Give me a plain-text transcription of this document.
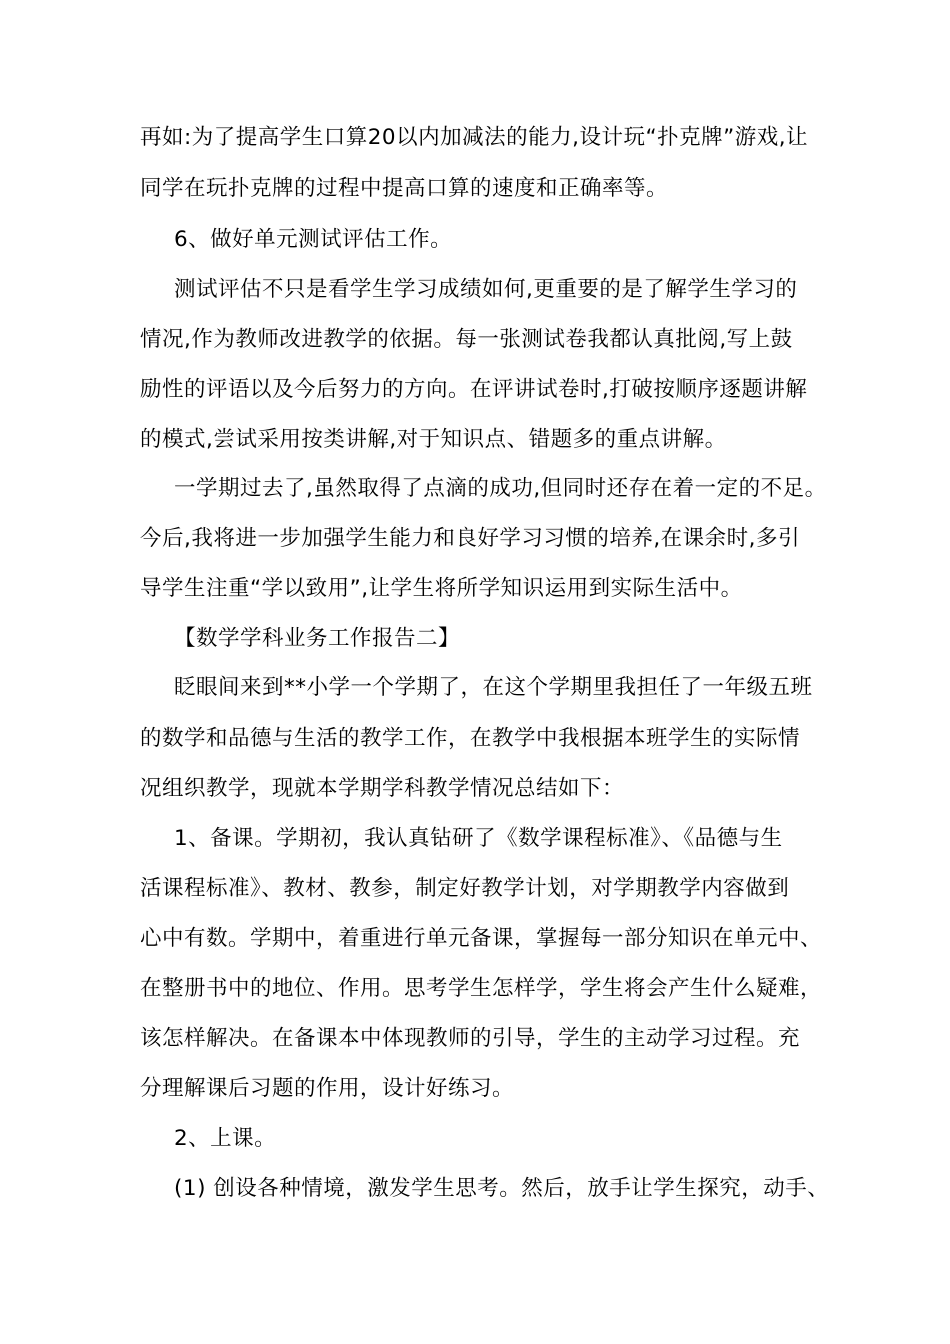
再如:为了提高学生口算20以内加减法的能力,设计玩“扑克牌”游戏,让
同学在玩扑克牌的过程中提高口算的速度和正确率等。
6、做好单元测试评估工作。
测试评估不只是看学生学习成绩如何,更重要的是了解学生学习的
情况,作为教师改进教学的依据。每一张测试卷我都认真批阅,写上鼓
励性的评语以及今后努力的方向。在评讲试卷时,打破按顺序逐题讲解
的模式,尝试采用按类讲解,对于知识点、错题多的重点讲解。
一学期过去了,虽然取得了点滴的成功,但同时还存在着一定的不足。
今后,我将进一步加强学生能力和良好学习习惯的培养,在课余时,多引
导学生注重“学以致用”,让学生将所学知识运用到实际生活中。
【数学学科业务工作报告二】
眨眼间来到**小学一个学期了，在这个学期里我担任了一年级五班
的数学和品德与生活的教学工作，在教学中我根据本班学生的实际情
况组织教学，现就本学期学科教学情况总结如下：
1、备课。学期初，我认真钻研了《数学课程标准》、《品德与生
活课程标准》、教材、教参，制定好教学计划，对学期教学内容做到
心中有数。学期中，着重进行单元备课，掌握每一部分知识在单元中、
在整册书中的地位、作用。思考学生怎样学，学生将会产生什么疑难，
该怎样解决。在备课本中体现教师的引导，学生的主动学习过程。充
分理解课后习题的作用，设计好练习。
2、上课。
(1) 创设各种情境，激发学生思考。然后，放手让学生探究，动手、
